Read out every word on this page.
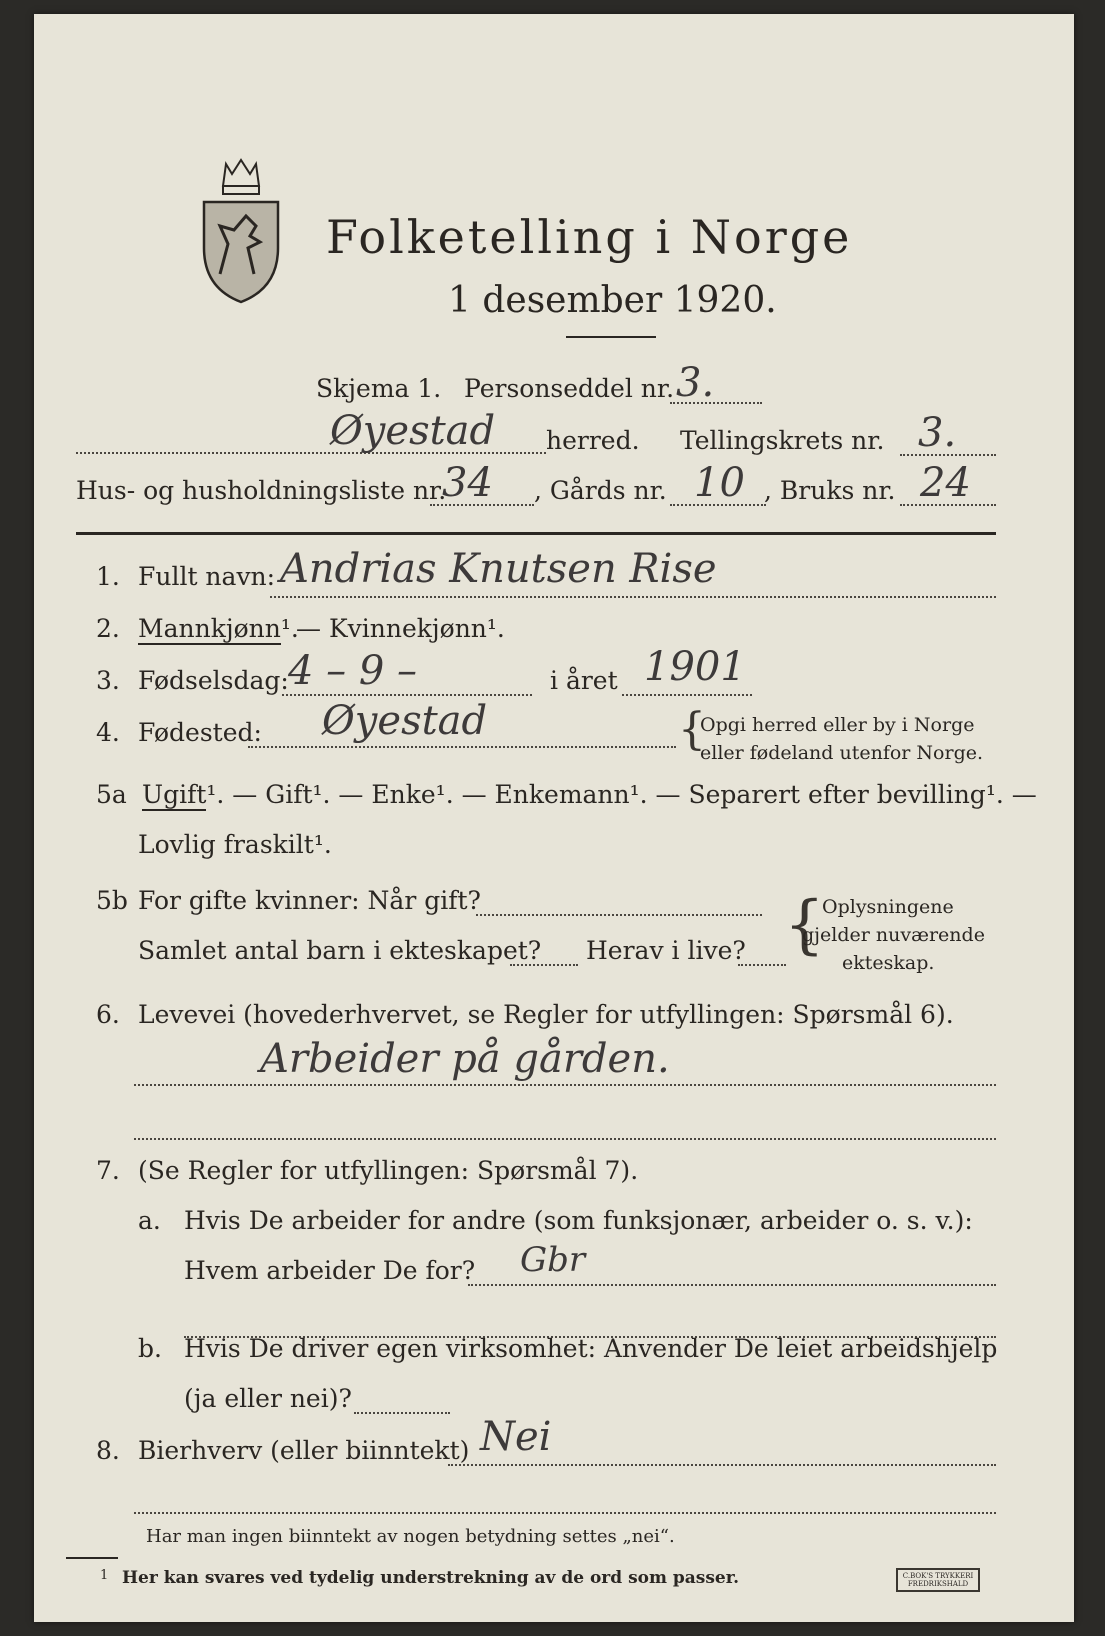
Folketelling i Norge
1 desember 1920.
Skjema 1. Personseddel nr. 3.
Øyestad herred. Tellingskrets nr. 3.
Hus- og husholdningsliste nr.
34 , Gårds nr. 10 , Bruks nr. 24
1. Fullt navn: Andrias Knutsen Rise
2. Mannkjønn¹.
— Kvinnekjønn¹.
3. Fødselsdag: 4 – 9 –	i året 1901
4. Fødested: Øyestad	{
Opgi herred eller by i Norge
eller fødeland utenfor Norge.
5a Ugift¹. — Gift¹. — Enke¹. — Enkemann¹. — Separert efter bevilling¹. —
Lovlig fraskilt¹.
5b For gifte kvinner: Når gift?
Samlet antal barn i ekteskapet? Herav i live? {
Oplysningene
gjelder nuværende
ekteskap.
6. Levevei (hovederhvervet, se Regler for utfyllingen: Spørsmål 6).
Arbeider på gården.
7. (Se Regler for utfyllingen: Spørsmål 7).
a. Hvis De arbeider for andre (som funksjonær, arbeider o. s. v.):
Hvem arbeider De for? Gbr
b. Hvis De driver egen virksomhet: Anvender De leiet arbeidshjelp
(ja eller nei)?
8. Bierhverv (eller biinntekt) Nei
Har man ingen biinntekt av nogen betydning settes „nei“.
1 Her kan svares ved tydelig understrekning av de ord som passer.	C.BOK'S TRYKKERI FREDRIKSHALD
